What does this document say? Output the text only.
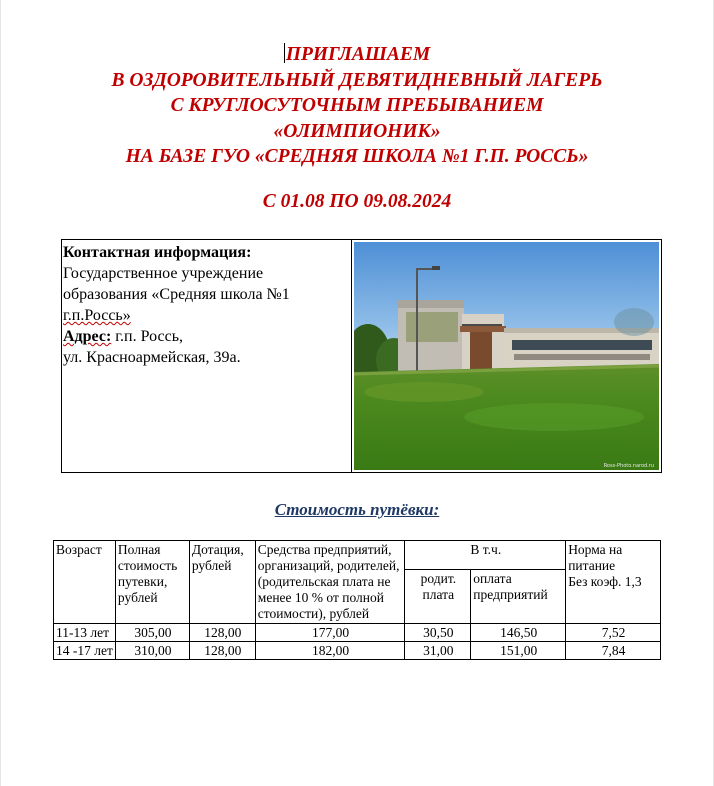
ПРИГЛАШАЕМ
В ОЗДОРОВИТЕЛЬНЫЙ ДЕВЯТИДНЕВНЫЙ ЛАГЕРЬ
С КРУГЛОСУТОЧНЫМ ПРЕБЫВАНИЕМ
«ОЛИМПИОНИК»
НА БАЗЕ ГУО «СРЕДНЯЯ ШКОЛА №1 Г.П. РОССЬ»
С 01.08 ПО 09.08.2024
Контактная информация:
Государственное учреждение
образования «Средняя школа №1
г.п.Россь»
Адрес: г.п. Россь,
ул. Красноармейская, 39а.
Ross-Photo.narod.ru
Стоимость путёвки:
Возраст	Полная стоимость путевки, рублей	Дотация, рублей	Средства предприятий, организаций, родителей, (родительская плата не менее 10 % от полной стоимости), рублей	В т.ч.		Норма на питание
Без коэф. 1,3

				родит. плата	оплата предприятий	
11-13 лет	305,00	128,00	177,00	30,50	146,50	7,52
14 -17 лет	310,00	128,00	182,00	31,00	151,00	7,84
